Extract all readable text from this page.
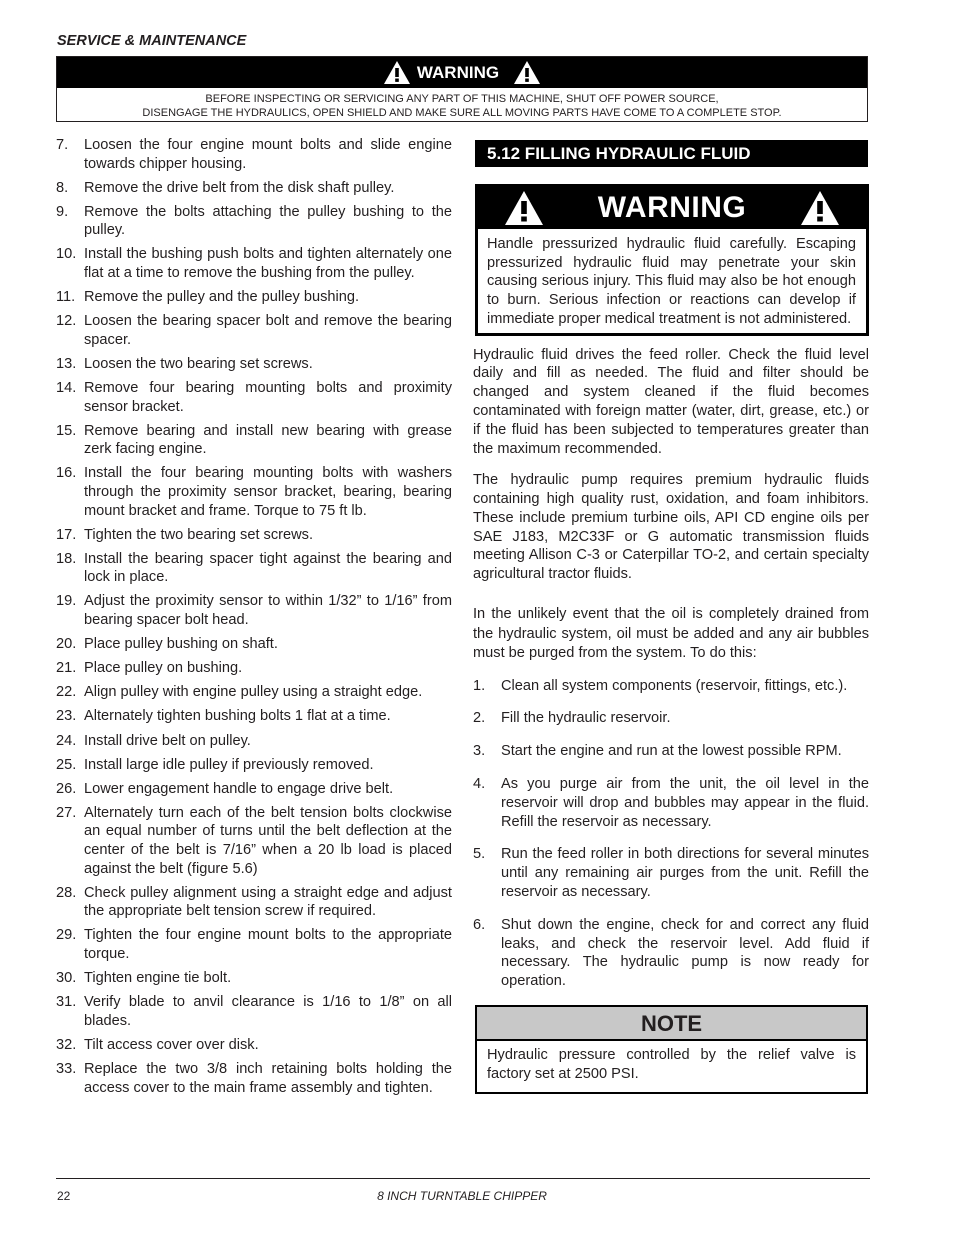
SERVICE & MAINTENANCE
WARNING
BEFORE INSPECTING OR SERVICING ANY PART OF THIS MACHINE, SHUT OFF POWER SOURCE,
DISENGAGE THE HYDRAULICS, OPEN SHIELD AND MAKE SURE ALL MOVING PARTS HAVE COME TO A COMPLETE STOP.
7.	Loosen the four engine mount bolts and slide engine towards chipper housing.
8.	Remove the drive belt from the disk shaft pulley.
9.	Remove the bolts attaching the pulley bushing to the pulley.
10. Install the bushing push bolts and tighten alternately one flat at a time to remove the bushing from the pulley.
11. Remove the pulley and the pulley bushing.
12. Loosen the bearing spacer bolt and remove the bearing spacer.
13. Loosen the two bearing set screws.
14. Remove four bearing mounting bolts and proximity sensor bracket.
15. Remove bearing and install new bearing with grease zerk facing engine.
16. Install the four bearing mounting bolts with washers through the proximity sensor bracket, bearing, bearing mount bracket and frame. Torque to 75 ft lb.
17. Tighten the two bearing set screws.
18. Install the bearing spacer tight against the bearing and lock in place.
19. Adjust the proximity sensor to within 1/32” to 1/16” from bearing spacer bolt head.
20. Place pulley bushing on shaft.
21. Place pulley on bushing.
22. Align pulley with engine pulley using a straight edge.
23. Alternately tighten bushing bolts 1 flat at a time.
24. Install drive belt on pulley.
25. Install large idle pulley if previously removed.
26. Lower engagement handle to engage drive belt.
27. Alternately turn each of the belt tension bolts clockwise an equal number of turns until the belt deflection at the center of the belt is 7/16” when a 20 lb load is placed against the belt (figure 5.6)
28. Check pulley alignment using a straight edge and adjust the appropriate belt tension screw if required.
29. Tighten the four engine mount bolts to the appropriate torque.
30. Tighten engine tie bolt.
31. Verify blade to anvil clearance is 1/16 to 1/8” on all blades.
32. Tilt access cover over disk.
33. Replace the two 3/8 inch retaining bolts holding the access cover to the main frame assembly and tighten.
5.12 FILLING HYDRAULIC FLUID
WARNING
Handle pressurized hydraulic fluid carefully. Escaping pressurized hydraulic fluid may penetrate your skin causing serious injury. This fluid may also be hot enough to burn. Serious infection or reactions can develop if immediate proper medical treatment is not administered.

Hydraulic fluid drives the feed roller. Check the fluid level daily and fill as needed. The fluid and filter should be changed and system cleaned if the fluid becomes contaminated with foreign matter (water, dirt, grease, etc.) or if the fluid has been subjected to temperatures greater than the maximum recommended.

The hydraulic pump requires premium hydraulic fluids containing high quality rust, oxidation, and foam inhibitors. These include premium turbine oils, API CD engine oils per SAE J183, M2C33F or G automatic transmission fluids meeting Allison C-3 or Caterpillar TO-2, and certain specialty agricultural tractor fluids.

In the unlikely event that the oil is completely drained from the hydraulic system, oil must be added and any air bubbles must be purged from the system. To do this:

1.	Clean all system components (reservoir, fittings, etc.).
2.	Fill the hydraulic reservoir.
3.	Start the engine and run at the lowest possible RPM.
4.	As you purge air from the unit, the oil level in the reservoir will drop and bubbles may appear in the fluid. Refill the reservoir as necessary.
5.	Run the feed roller in both directions for several minutes until any remaining air purges from the unit. Refill the reservoir as necessary.
6.	Shut down the engine, check for and correct any fluid leaks, and check the reservoir level. Add fluid if necessary. The hydraulic pump is now ready for operation.
NOTE
Hydraulic pressure controlled by the relief valve is factory set at 2500 PSI.
22	8 INCH TURNTABLE CHIPPER
